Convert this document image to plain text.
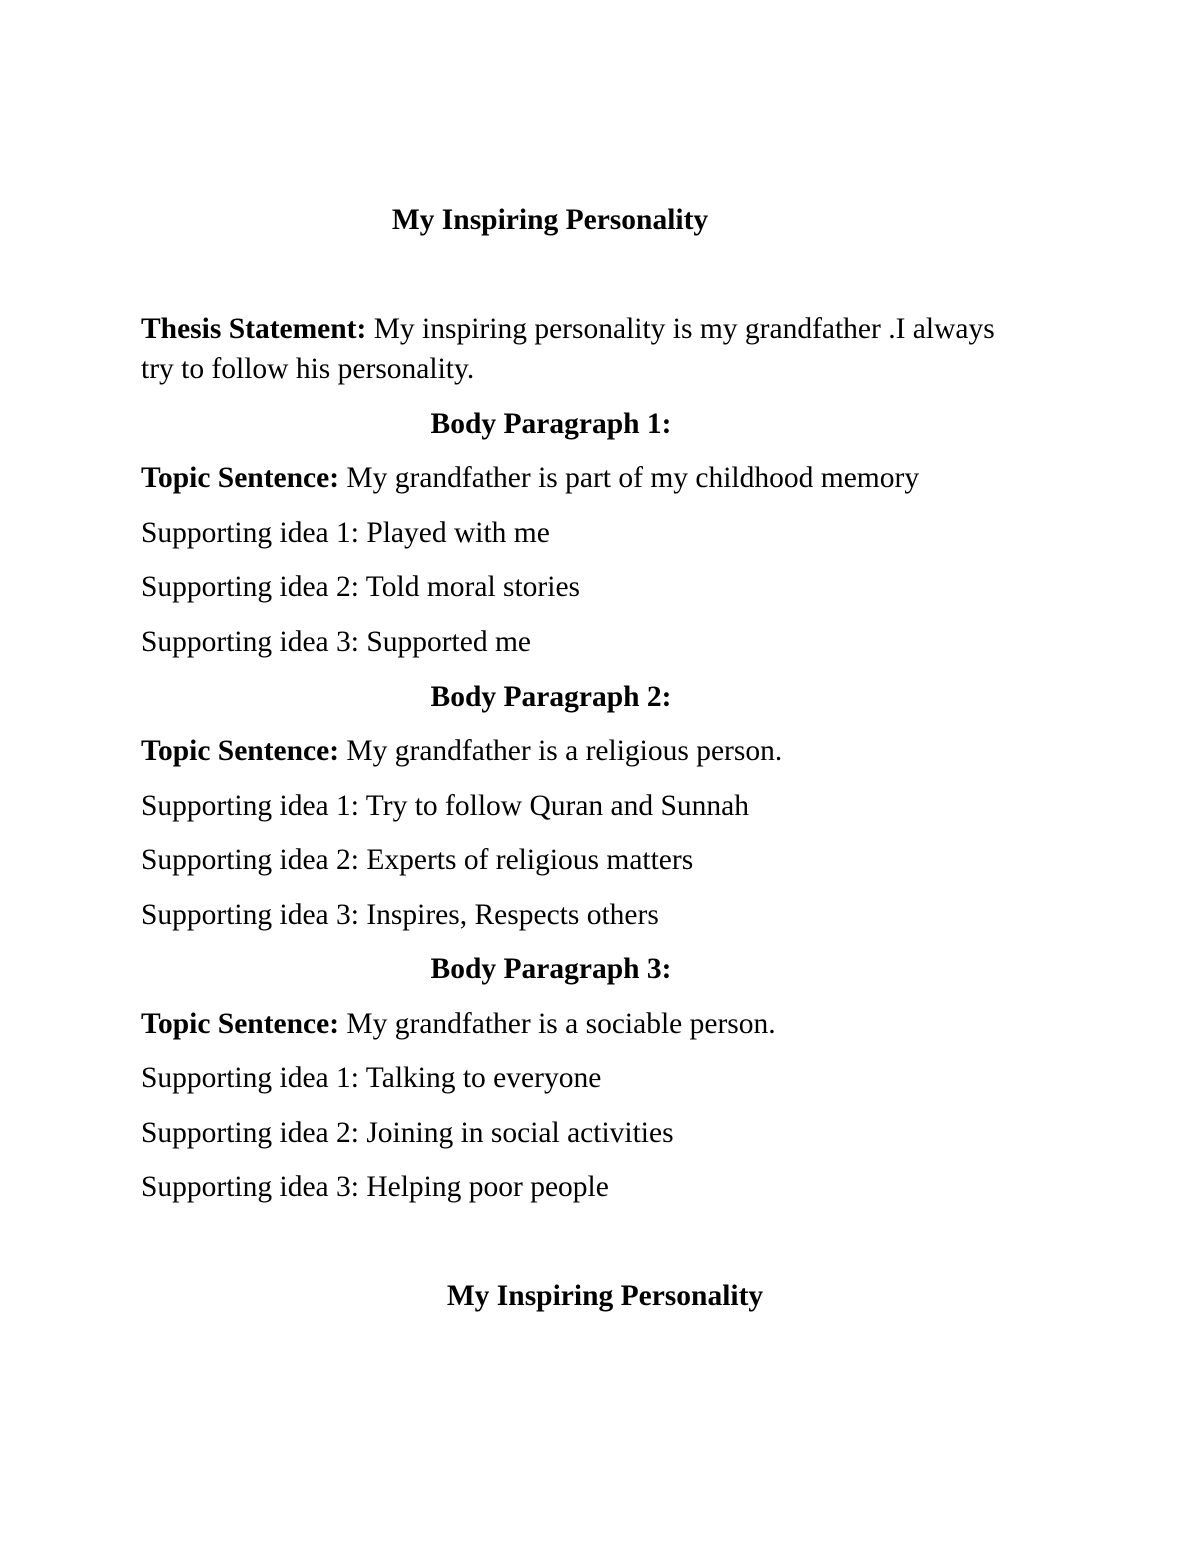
My Inspiring Personality
Thesis Statement: My inspiring personality is my grandfather .I always
try to follow his personality.
Body Paragraph 1:
Topic Sentence: My grandfather is part of my childhood memory
Supporting idea 1: Played with me
Supporting idea 2: Told moral stories
Supporting idea 3: Supported me
Body Paragraph 2:
Topic Sentence: My grandfather is a religious person.
Supporting idea 1: Try to follow Quran and Sunnah
Supporting idea 2: Experts of religious matters
Supporting idea 3: Inspires, Respects others
Body Paragraph 3:
Topic Sentence: My grandfather is a sociable person.
Supporting idea 1: Talking to everyone
Supporting idea 2: Joining in social activities
Supporting idea 3: Helping poor people
My Inspiring Personality
